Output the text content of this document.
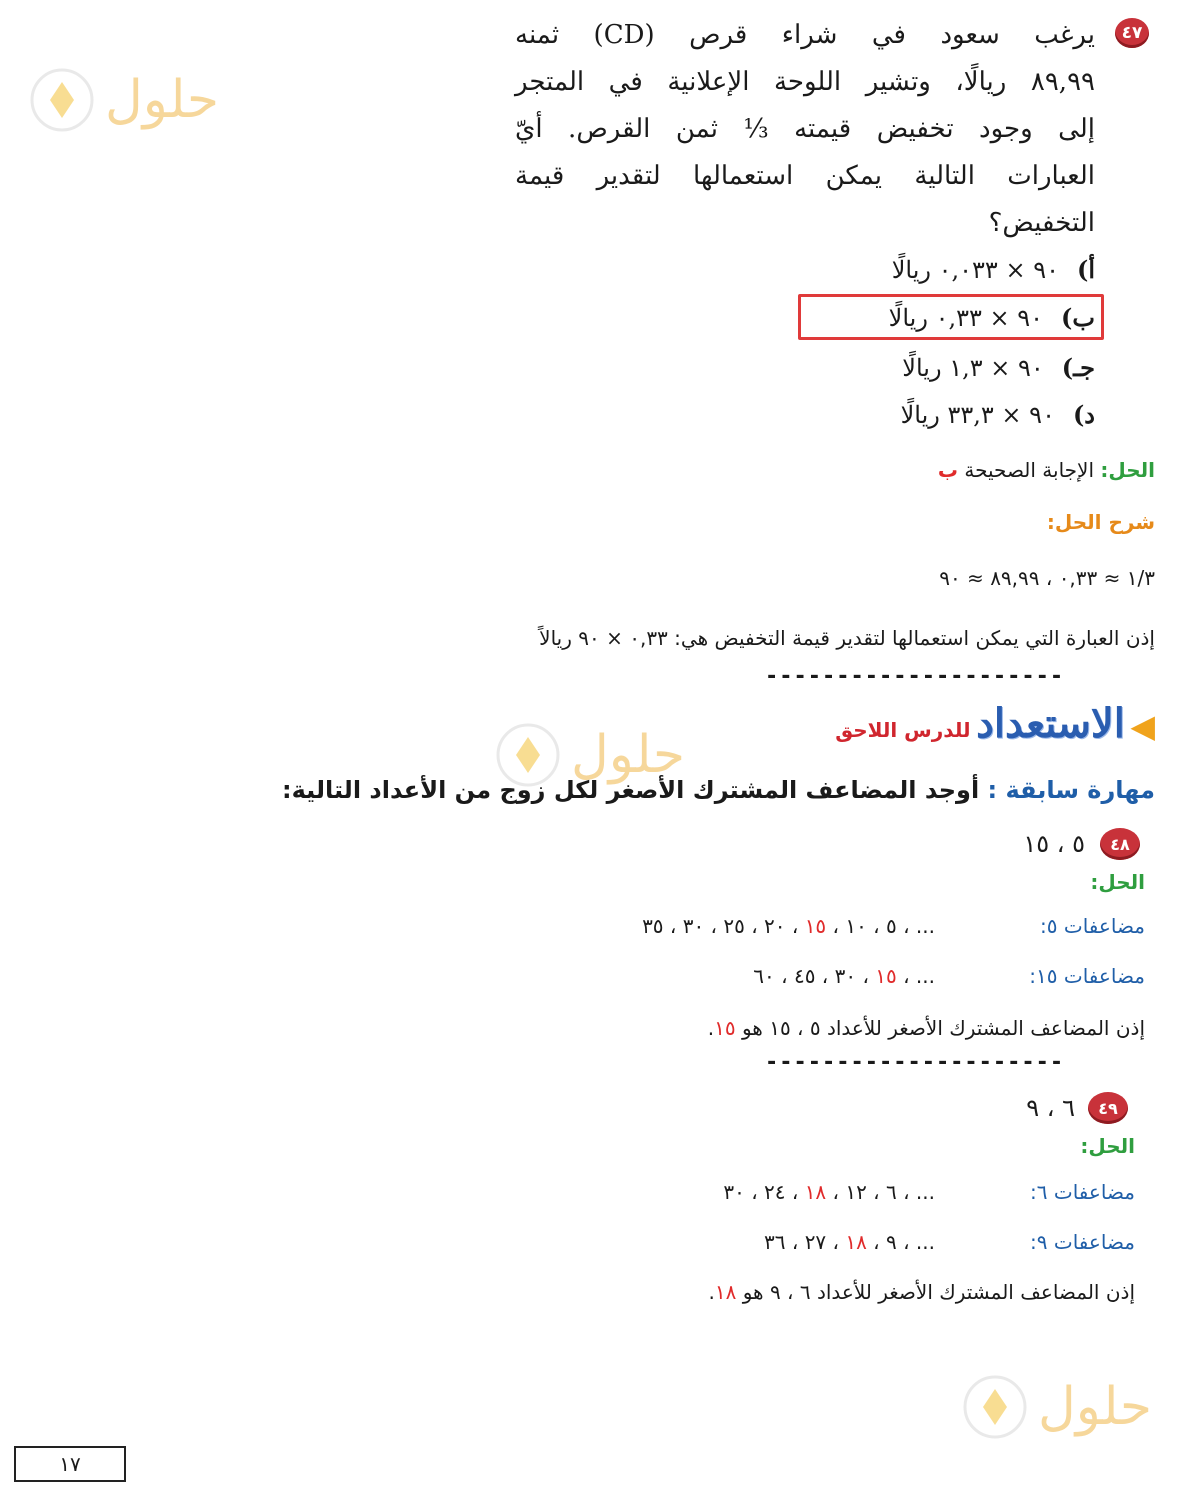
حلول
حلول
حلول
٤٧
يرغب سعود في شراء قرص (CD) ثمنه
٨٩,٩٩ ريالًا، وتشير اللوحة الإعلانية في المتجر
إلى وجود تخفيض قيمته ⅓ ثمن القرص. أيّ
العبارات التالية يمكن استعمالها لتقدير قيمة
التخفيض؟
أ)٩٠ × ٠,٠٣٣ ريالًا
ب)٩٠ × ٠,٣٣ ريالًا
جـ)٩٠ × ١,٣ ريالًا
د)٩٠ × ٣٣,٣ ريالًا
الحل: الإجابة الصحيحة ب
شرح الحل:
١/٣ ≈ ٠,٣٣ ، ٨٩,٩٩ ≈ ٩٠
إذن العبارة التي يمكن استعمالها لتقدير قيمة التخفيض هي: ٠,٣٣ × ٩٠ ريالاً
---------------------
◀ الاستعداد للدرس اللاحق
مهارة سابقة : أوجد المضاعف المشترك الأصغر لكل زوج من الأعداد التالية:
٤٨
٥ ، ١٥
الحل:
مضاعفات ٥:
٥ ، ١٠ ، ١٥ ، ٢٠ ، ٢٥ ، ٣٠ ، ٣٥ ، ...
مضاعفات ١٥:
١٥ ، ٣٠ ، ٤٥ ، ٦٠ ، ...
إذن المضاعف المشترك الأصغر للأعداد ٥ ، ١٥ هو ١٥.
---------------------
٤٩
٦ ، ٩
الحل:
مضاعفات ٦:
٦ ، ١٢ ، ١٨ ، ٢٤ ، ٣٠ ، ...
مضاعفات ٩:
٩ ، ١٨ ، ٢٧ ، ٣٦ ، ...
إذن المضاعف المشترك الأصغر للأعداد ٦ ، ٩ هو ١٨.
١٧
